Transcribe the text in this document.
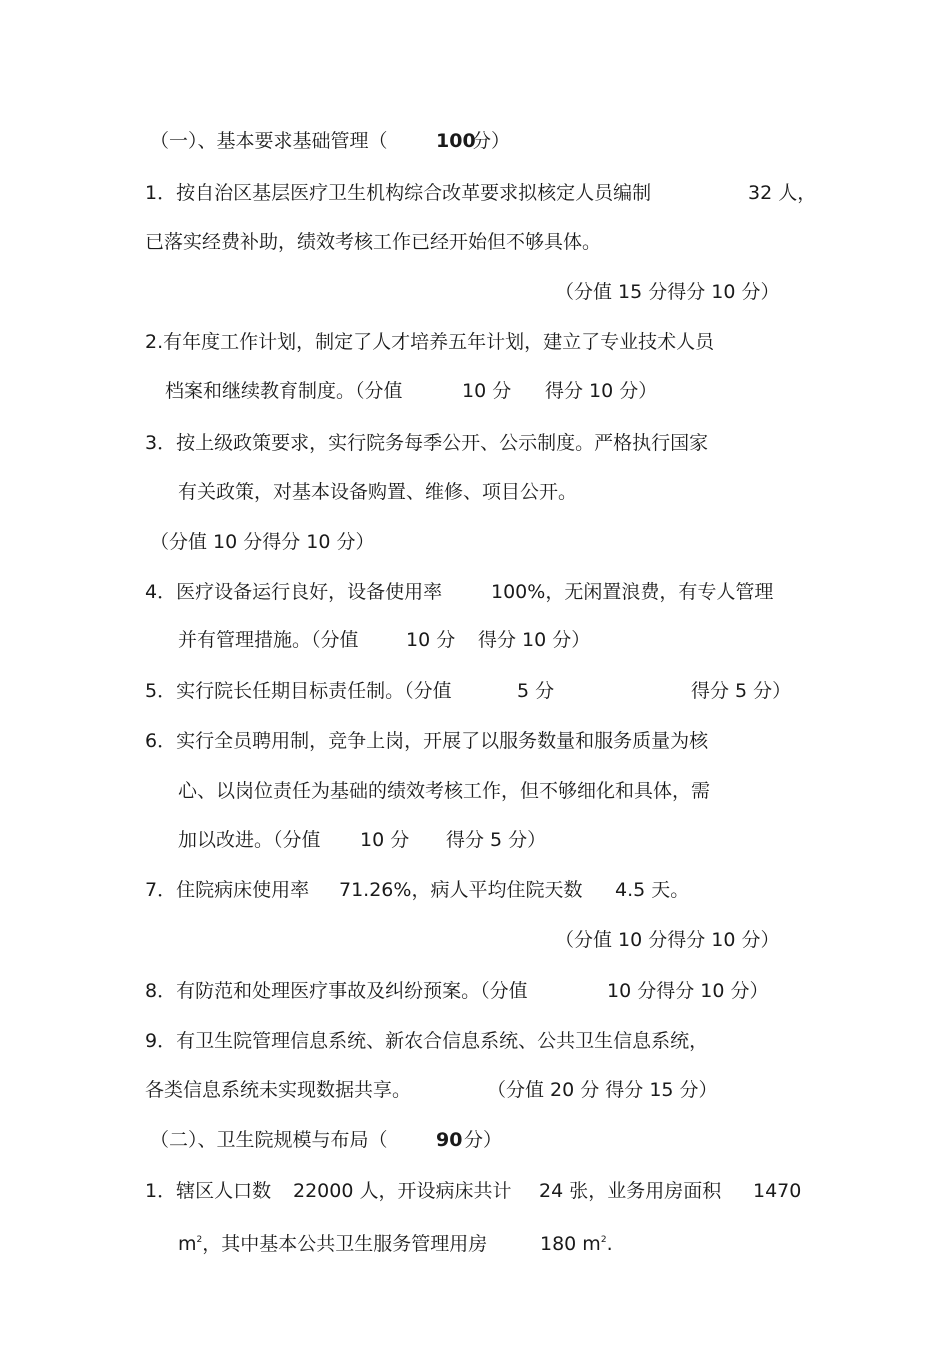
（一）、基本要求基础管理（

	100

分）

1．按自治区基层医疗卫生机构综合改革要求拟核定人员编制

	32 人，

已落实经费补助，绩效考核工作已经开始但不够具体。
（分值 15 分得分 10 分）
2.有年度工作计划，制定了人才培养五年计划，建立了专业技术人员

档案和继续教育制度。（分值

	10 分

得分 10 分）

3．按上级政策要求，实行院务每季公开、公示制度。严格执行国家
有关政策，对基本设备购置、维修、项目公开。
（分值 10 分得分 10 分）

4．医疗设备运行良好，设备使用率

	100%，无闲置浪费，有专人管理

并有管理措施。（分值

10 分

得分 10 分）

5．实行院长任期目标责任制。（分值

	5 分

	得分 5 分）

6．实行全员聘用制，竞争上岗，开展了以服务数量和服务质量为核
心、以岗位责任为基础的绩效考核工作，但不够细化和具体，需

加以改进。（分值

10 分

得分 5 分）

7．住院病床使用率

71.26%，病人平均住院天数

4.5 天。

（分值 10 分得分 10 分）

8．有防范和处理医疗事故及纠纷预案。（分值

	10 分得分 10 分）

9．有卫生院管理信息系统、新农合信息系统、公共卫生信息系统，

各类信息系统未实现数据共享。

	（分值 20 分 得分 15 分）

（二）、卫生院规模与布局（

	90

分）

1．辖区人口数

22000 人，开设病床共计

24 张，业务用房面积

1470

$m^2$，其中基本公共卫生服务管理用房

	180 $m^2$.
